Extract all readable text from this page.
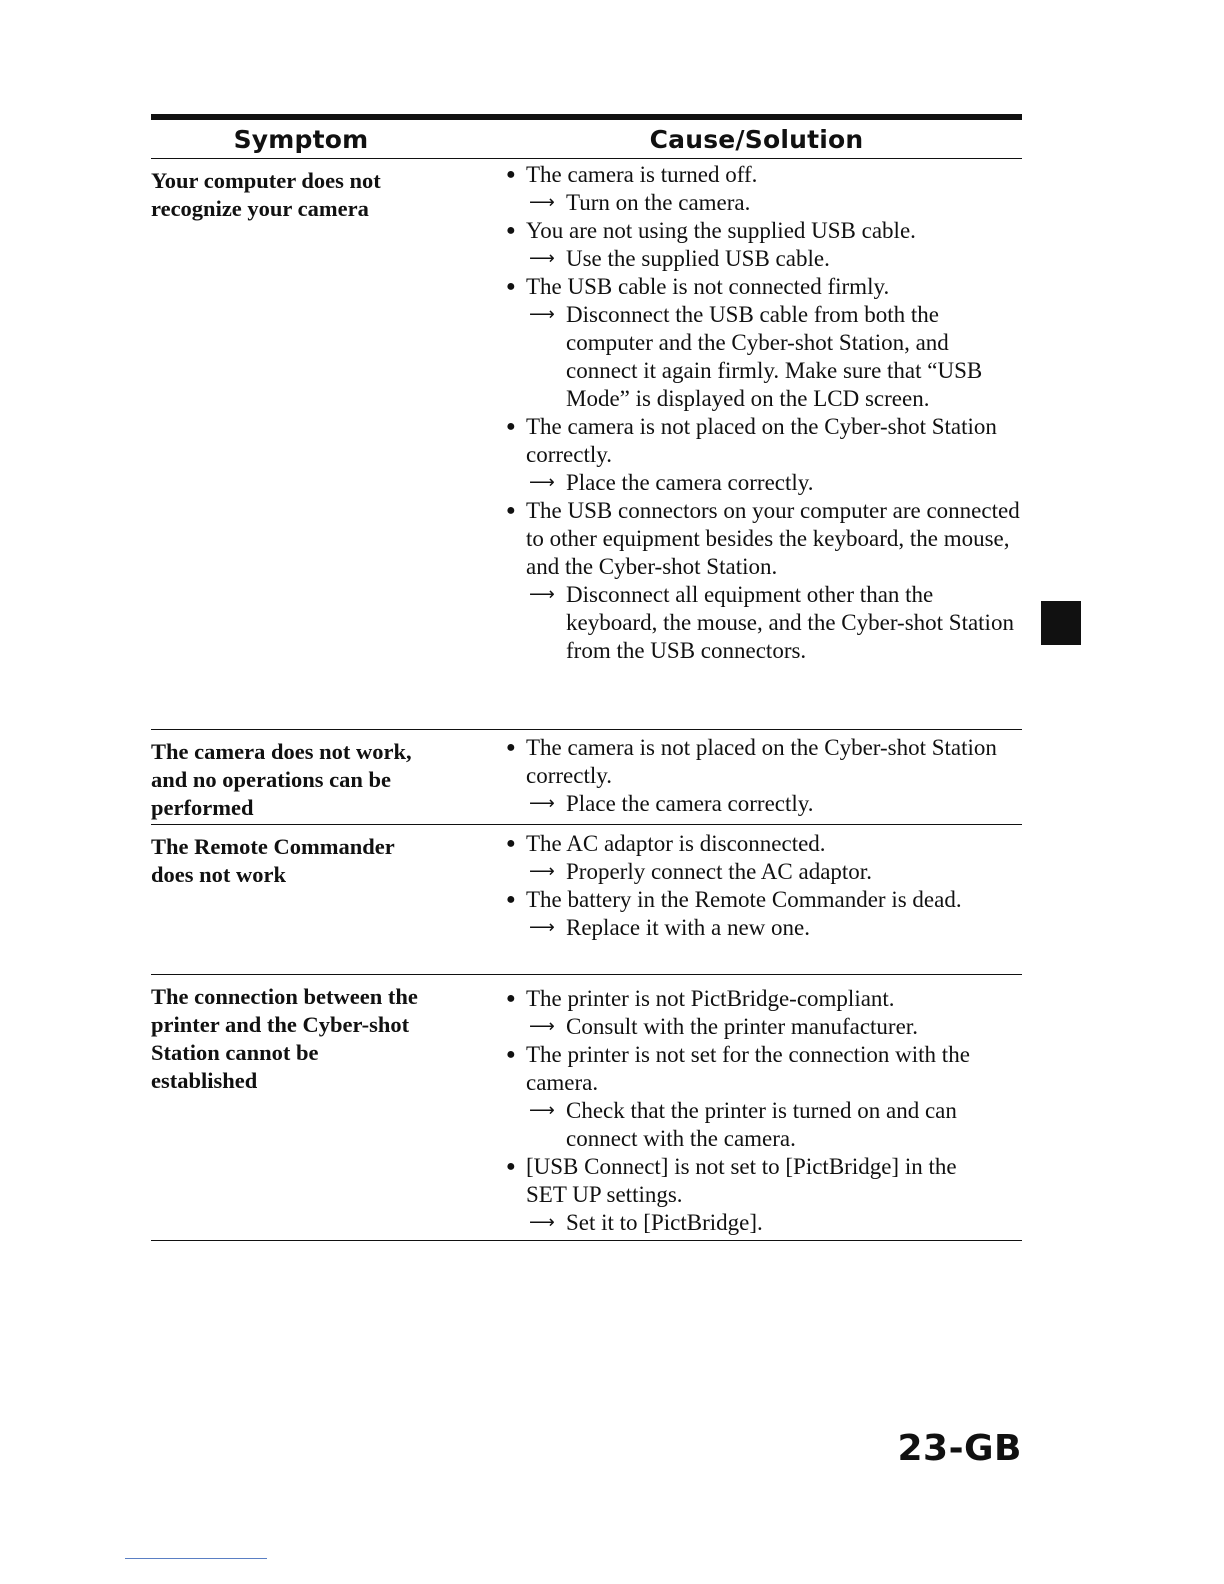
Symptom	Cause/Solution
Your computer does not
recognize your camera
● The camera is turned off.
⟶ Turn on the camera.
● You are not using the supplied USB cable.
⟶ Use the supplied USB cable.
● The USB cable is not connected firmly.
⟶ Disconnect the USB cable from both the computer and the Cyber-shot Station, and connect it again firmly. Make sure that “USB Mode” is displayed on the LCD screen.
● The camera is not placed on the Cyber-shot Station correctly.
⟶ Place the camera correctly.
● The USB connectors on your computer are connected to other equipment besides the keyboard, the mouse, and the Cyber-shot Station.
⟶ Disconnect all equipment other than the keyboard, the mouse, and the Cyber-shot Station from the USB connectors.
The camera does not work,
and no operations can be
performed
● The camera is not placed on the Cyber-shot Station correctly.
⟶ Place the camera correctly.
The Remote Commander
does not work
● The AC adaptor is disconnected.
⟶ Properly connect the AC adaptor.
● The battery in the Remote Commander is dead.
⟶ Replace it with a new one.
The connection between the
printer and the Cyber-shot
Station cannot be
established
● The printer is not PictBridge-compliant.
⟶ Consult with the printer manufacturer.
● The printer is not set for the connection with the camera.
⟶ Check that the printer is turned on and can connect with the camera.
● [USB Connect] is not set to [PictBridge] in the SET UP settings.
⟶ Set it to [PictBridge].
23-GB
